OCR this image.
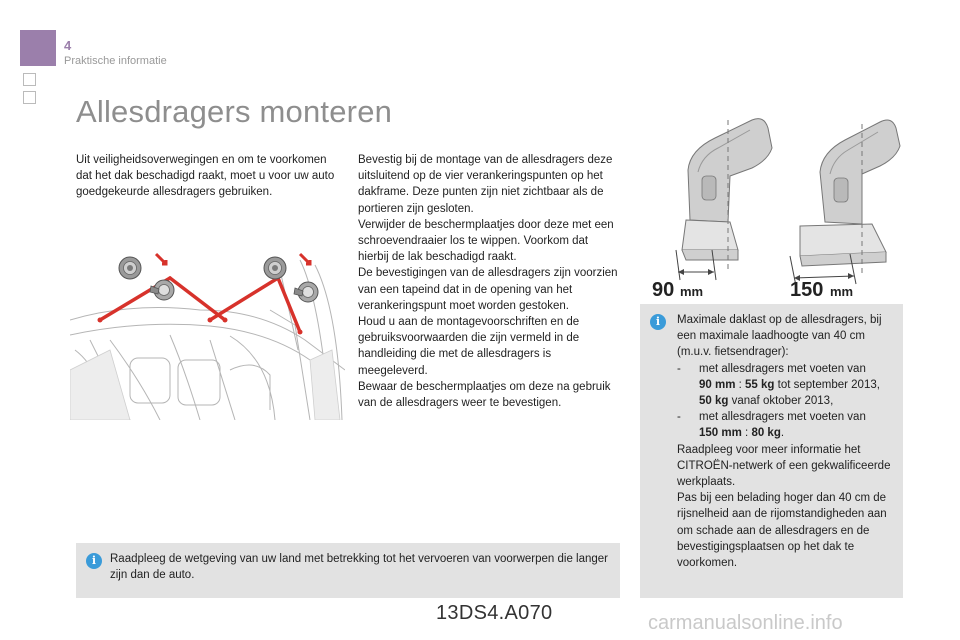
4
Praktische informatie
Allesdragers monteren
Uit veiligheidsoverwegingen en om te voorkomen dat het dak beschadigd raakt, moet u voor uw auto goedgekeurde allesdragers gebruiken.

Bevestig bij de montage van de allesdragers deze uitsluitend op de vier verankeringspunten op het dakframe. Deze punten zijn niet zichtbaar als de portieren zijn gesloten.

Verwijder de beschermplaatjes door deze met een schroevendraaier los te wippen. Voorkom dat hierbij de lak beschadigd raakt.

De bevestigingen van de allesdragers zijn voorzien van een tapeind dat in de opening van het verankeringspunt moet worden gestoken.

Houd u aan de montagevoorschriften en de gebruiksvoorwaarden die zijn vermeld in de handleiding die met de allesdragers is meegeleverd.

Bewaar de beschermplaatjes om deze na gebruik van de allesdragers weer te bevestigen.

90 mm	150 mm
i	Maximale daklast op de allesdragers, bij een maximale laadhoogte van 40 cm (m.u.v. fietsendrager):
-	met allesdragers met voeten van
90 mm : 55 kg tot september 2013,
50 kg vanaf oktober 2013,
-	met allesdragers met voeten van
150 mm : 80 kg.
Raadpleeg voor meer informatie het CITROËN-netwerk of een gekwalificeerde werkplaats.
Pas bij een belading hoger dan 40 cm de rijsnelheid aan de rijomstandigheden aan om schade aan de allesdragers en de bevestigingsplaatsen op het dak te voorkomen.
i	Raadpleeg de wetgeving van uw land met betrekking tot het vervoeren van voorwerpen die langer zijn dan de auto.
13DS4.A070	carmanualsonline.info
